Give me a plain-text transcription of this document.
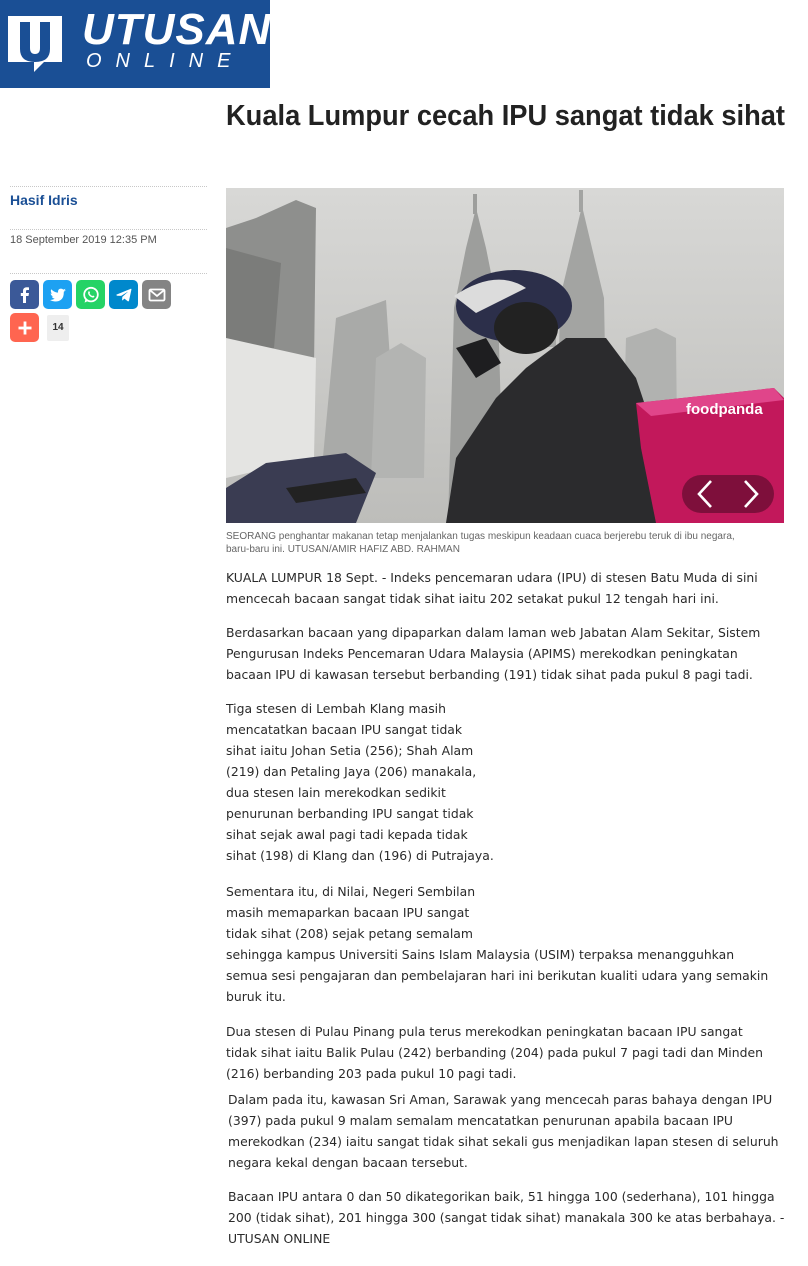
UTUSAN
ONLINE
Kuala Lumpur cecah IPU sangat tidak sihat
Hasif Idris
18 September 2019 12:35 PM
14
foodpanda
SEORANG penghantar makanan tetap menjalankan tugas meskipun keadaan cuaca berjerebu teruk di ibu negara,
baru-baru ini. UTUSAN/AMIR HAFIZ ABD. RAHMAN
KUALA LUMPUR 18 Sept. - Indeks pencemaran udara (IPU) di stesen Batu Muda di sini
mencecah bacaan sangat tidak sihat iaitu 202 setakat pukul 12 tengah hari ini.
Berdasarkan bacaan yang dipaparkan dalam laman web Jabatan Alam Sekitar, Sistem
Pengurusan Indeks Pencemaran Udara Malaysia (APIMS) merekodkan peningkatan
bacaan IPU di kawasan tersebut berbanding (191) tidak sihat pada pukul 8 pagi tadi.
Tiga stesen di Lembah Klang masih
mencatatkan bacaan IPU sangat tidak
sihat iaitu Johan Setia (256); Shah Alam
(219) dan Petaling Jaya (206) manakala,
dua stesen lain merekodkan sedikit
penurunan berbanding IPU sangat tidak
sihat sejak awal pagi tadi kepada tidak
sihat (198) di Klang dan (196) di Putrajaya.
Sementara itu, di Nilai, Negeri Sembilan
masih memaparkan bacaan IPU sangat
tidak sihat (208) sejak petang semalam
sehingga kampus Universiti Sains Islam Malaysia (USIM) terpaksa menangguhkan
semua sesi pengajaran dan pembelajaran hari ini berikutan kualiti udara yang semakin
buruk itu.
Dua stesen di Pulau Pinang pula terus merekodkan peningkatan bacaan IPU sangat
tidak sihat iaitu Balik Pulau (242) berbanding (204) pada pukul 7 pagi tadi dan Minden
(216) berbanding 203 pada pukul 10 pagi tadi.
Dalam pada itu, kawasan Sri Aman, Sarawak yang mencecah paras bahaya dengan IPU
(397) pada pukul 9 malam semalam mencatatkan penurunan apabila bacaan IPU
merekodkan (234) iaitu sangat tidak sihat sekali gus menjadikan lapan stesen di seluruh
negara kekal dengan bacaan tersebut.
Bacaan IPU antara 0 dan 50 dikategorikan baik, 51 hingga 100 (sederhana), 101 hingga
200 (tidak sihat), 201 hingga 300 (sangat tidak sihat) manakala 300 ke atas berbahaya. -
UTUSAN ONLINE
